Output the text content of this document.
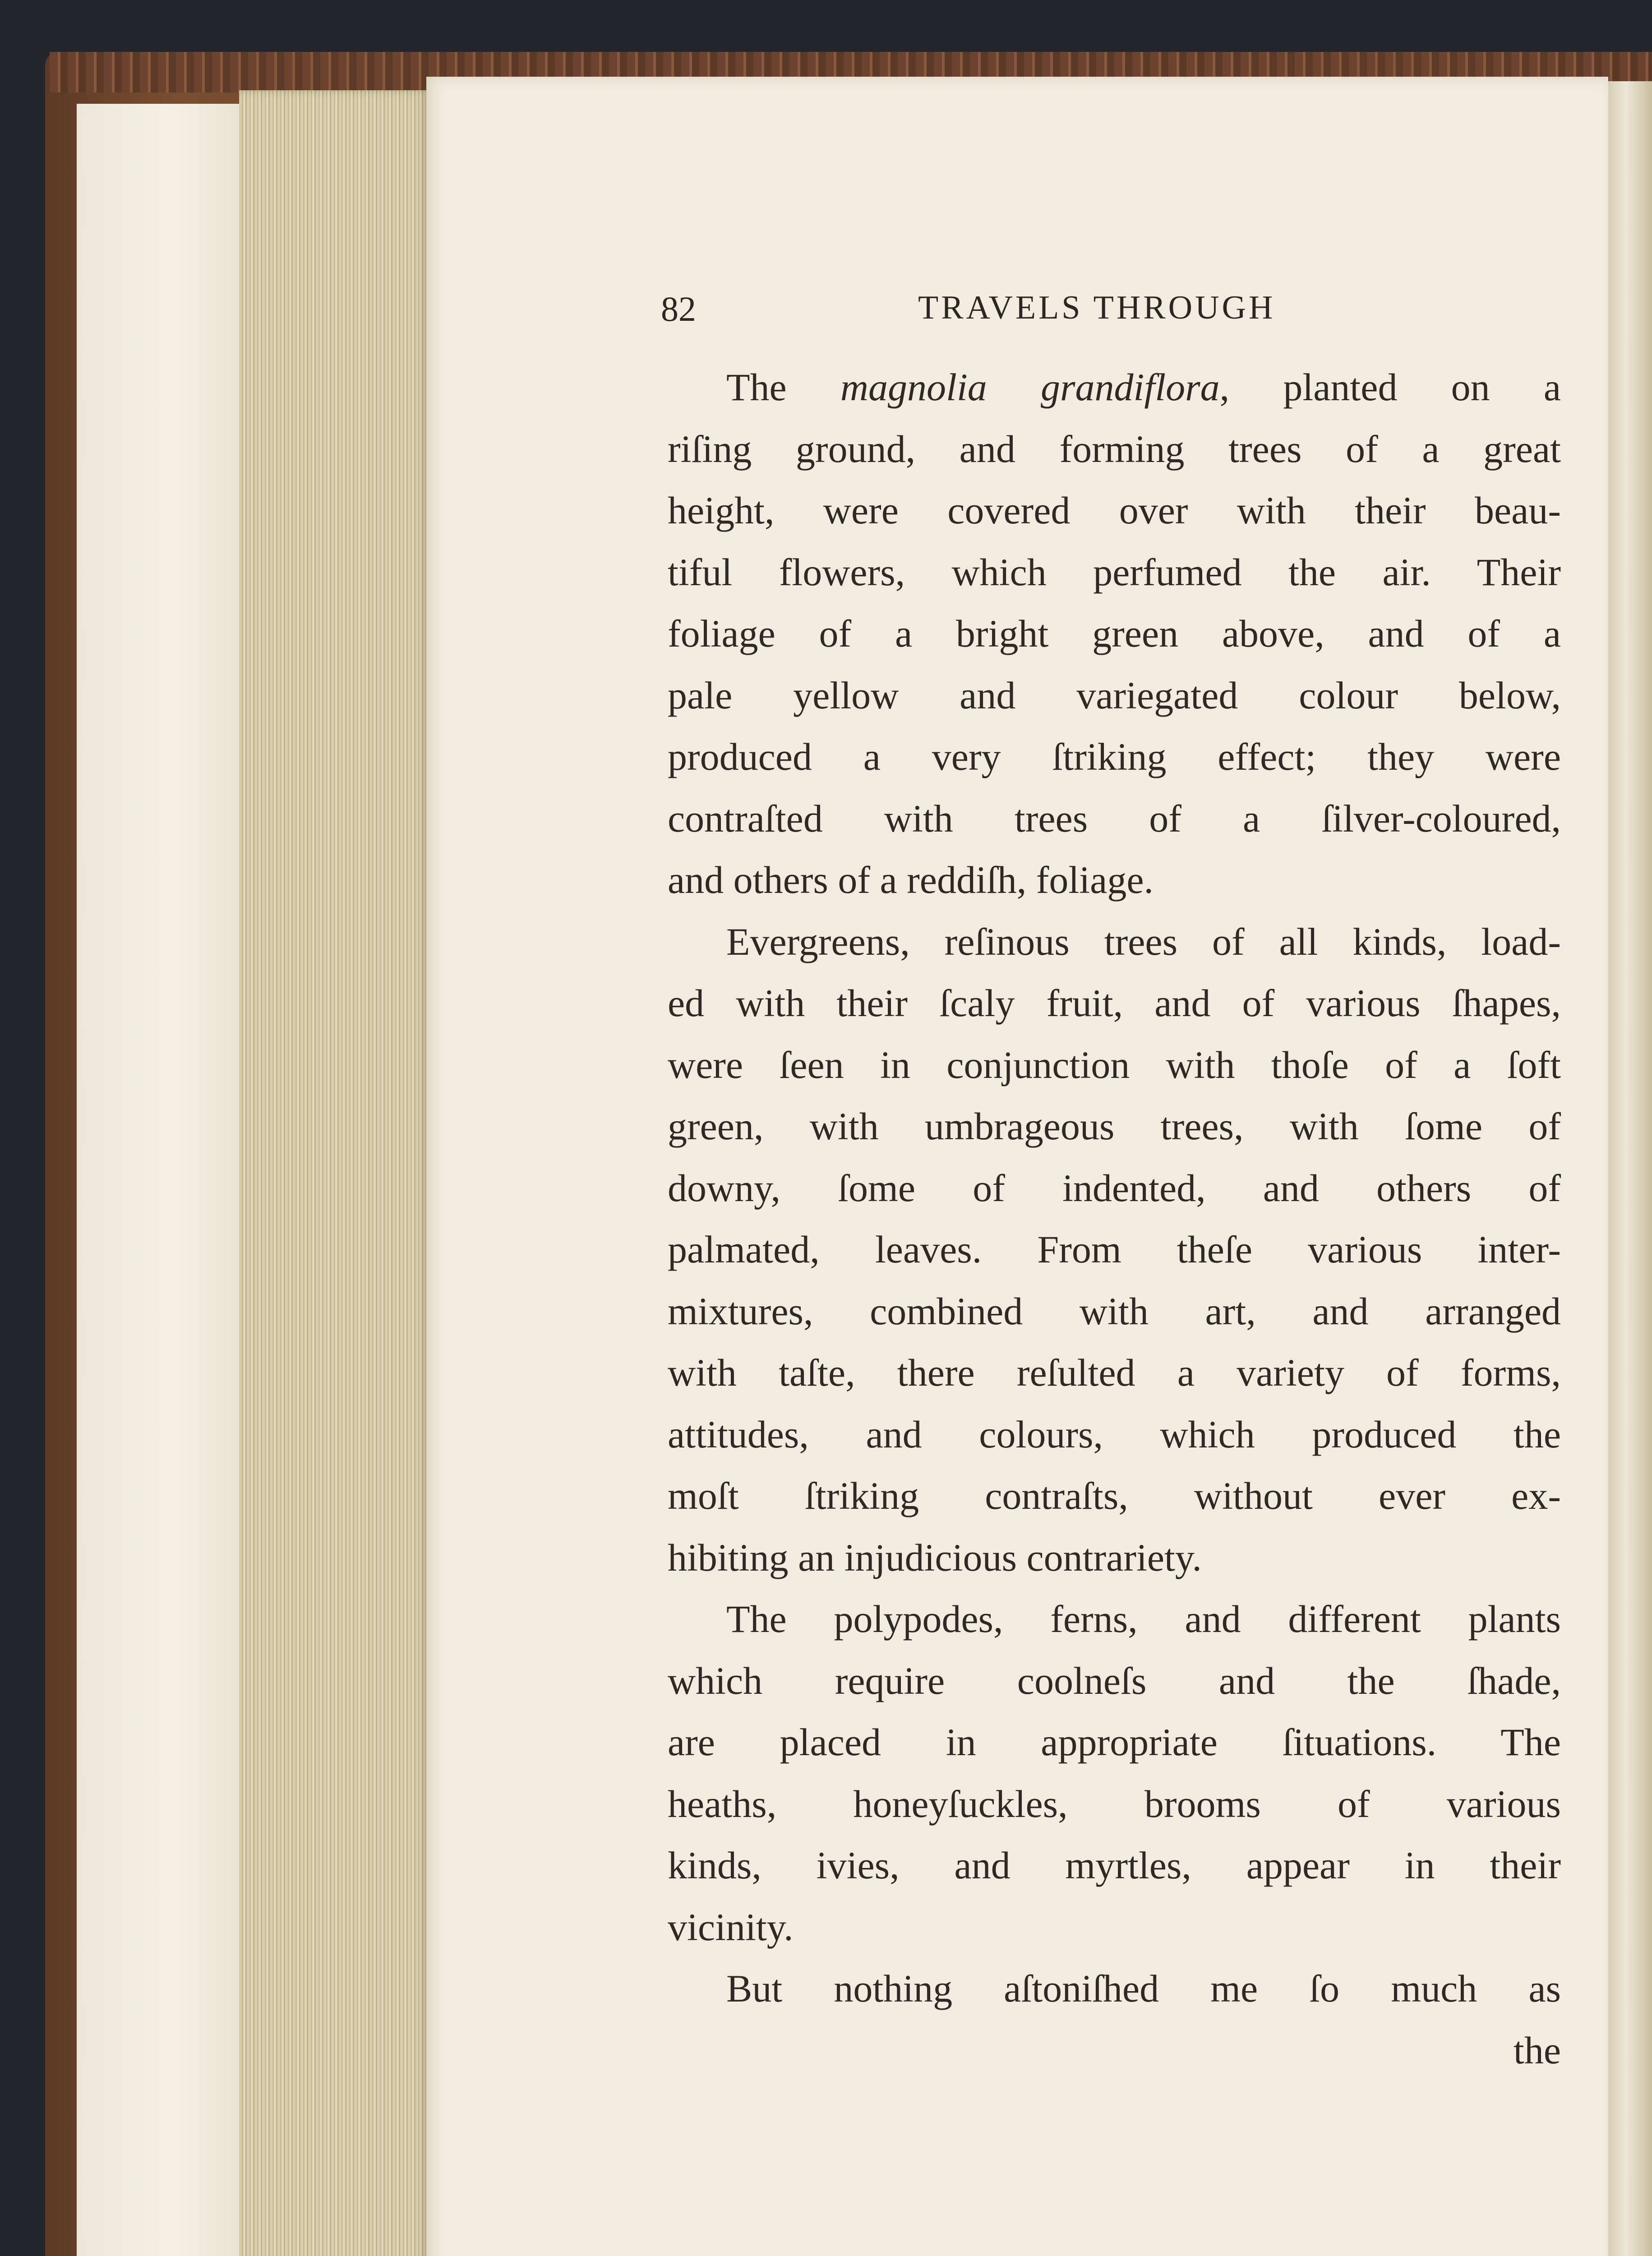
82	TRAVELS THROUGH
The magnolia grandiflora, planted on a
riſing ground, and forming trees of a great
height, were covered over with their beau-
tiful flowers, which perfumed the air. Their
foliage of a bright green above, and of a
pale yellow and variegated colour below,
produced a very ſtriking effect; they were
contraſted with trees of a ſilver-coloured,
and others of a reddiſh, foliage.
Evergreens, reſinous trees of all kinds, load-
ed with their ſcaly fruit, and of various ſhapes,
were ſeen in conjunction with thoſe of a ſoft
green, with umbrageous trees, with ſome of
downy, ſome of indented, and others of
palmated, leaves. From theſe various inter-
mixtures, combined with art, and arranged
with taſte, there reſulted a variety of forms,
attitudes, and colours, which produced the
moſt ſtriking contraſts, without ever ex-
hibiting an injudicious contrariety.
The polypodes, ferns, and different plants
which require coolneſs and the ſhade,
are placed in appropriate ſituations. The
heaths, honeyſuckles, brooms of various
kinds, ivies, and myrtles, appear in their
vicinity.
But nothing aſtoniſhed me ſo much as
the
